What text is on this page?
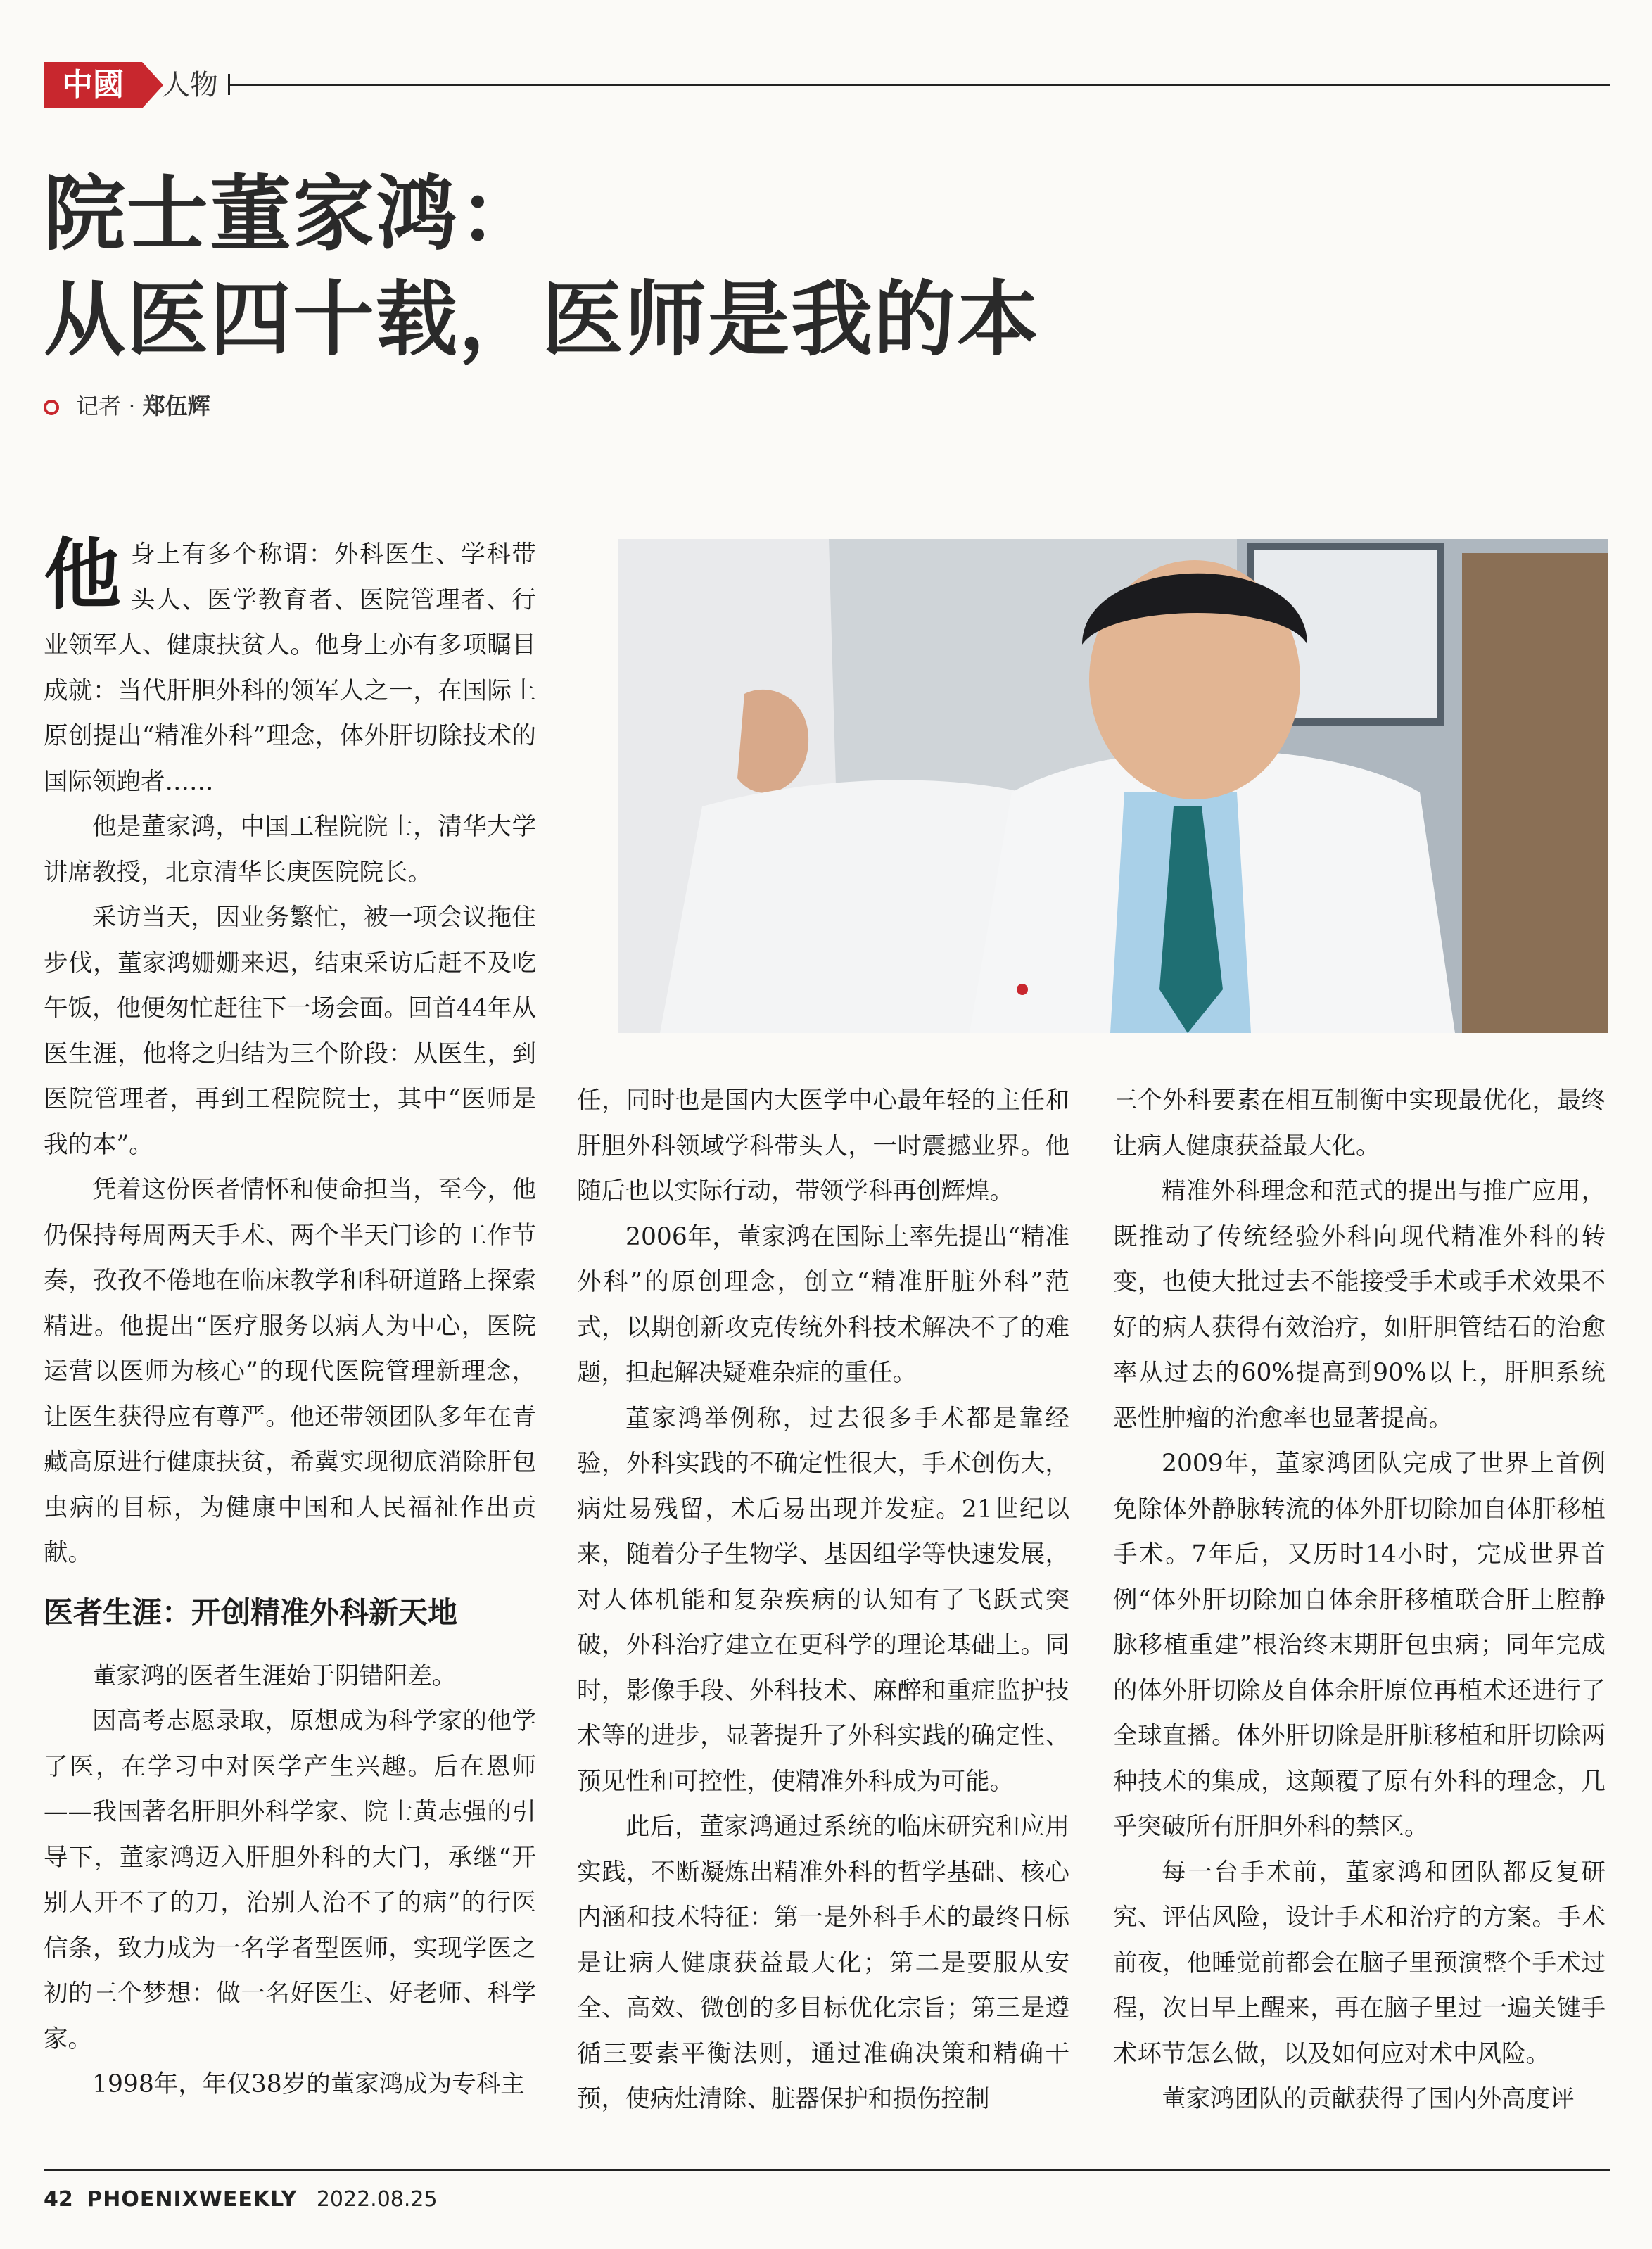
中國	人物
院士董家鸿：
从医四十载，医师是我的本
记者 · 郑伍辉
他 身上有多个称谓：外科医生、学科带头人、医学教育者、医院管理者、行业领军人、健康扶贫人。他身上亦有多项瞩目成就：当代肝胆外科的领军人之一，在国际上原创提出“精准外科”理念，体外肝切除技术的国际领跑者……

他是董家鸿，中国工程院院士，清华大学讲席教授，北京清华长庚医院院长。

采访当天，因业务繁忙，被一项会议拖住步伐，董家鸿姗姗来迟，结束采访后赶不及吃午饭，他便匆忙赶往下一场会面。回首44年从医生涯，他将之归结为三个阶段：从医生，到医院管理者，再到工程院院士，其中“医师是我的本”。

凭着这份医者情怀和使命担当，至今，他仍保持每周两天手术、两个半天门诊的工作节奏，孜孜不倦地在临床教学和科研道路上探索精进。他提出“医疗服务以病人为中心，医院运营以医师为核心”的现代医院管理新理念，让医生获得应有尊严。他还带领团队多年在青藏高原进行健康扶贫，希冀实现彻底消除肝包虫病的目标，为健康中国和人民福祉作出贡献。

医者生涯：开创精准外科新天地

董家鸿的医者生涯始于阴错阳差。

因高考志愿录取，原想成为科学家的他学了医，在学习中对医学产生兴趣。后在恩师——我国著名肝胆外科学家、院士黄志强的引导下，董家鸿迈入肝胆外科的大门，承继“开别人开不了的刀，治别人治不了的病”的行医信条，致力成为一名学者型医师，实现学医之初的三个梦想：做一名好医生、好老师、科学家。

1998年，年仅38岁的董家鸿成为专科主

任，同时也是国内大医学中心最年轻的主任和肝胆外科领域学科带头人，一时震撼业界。他随后也以实际行动，带领学科再创辉煌。

2006年，董家鸿在国际上率先提出“精准外科”的原创理念，创立“精准肝脏外科”范式，以期创新攻克传统外科技术解决不了的难题，担起解决疑难杂症的重任。

董家鸿举例称，过去很多手术都是靠经验，外科实践的不确定性很大，手术创伤大，病灶易残留，术后易出现并发症。21世纪以来，随着分子生物学、基因组学等快速发展，对人体机能和复杂疾病的认知有了飞跃式突破，外科治疗建立在更科学的理论基础上。同时，影像手段、外科技术、麻醉和重症监护技术等的进步，显著提升了外科实践的确定性、预见性和可控性，使精准外科成为可能。

此后，董家鸿通过系统的临床研究和应用实践，不断凝炼出精准外科的哲学基础、核心内涵和技术特征：第一是外科手术的最终目标是让病人健康获益最大化；第二是要服从安全、高效、微创的多目标优化宗旨；第三是遵循三要素平衡法则，通过准确决策和精确干预，使病灶清除、脏器保护和损伤控制

三个外科要素在相互制衡中实现最优化，最终让病人健康获益最大化。

精准外科理念和范式的提出与推广应用，既推动了传统经验外科向现代精准外科的转变，也使大批过去不能接受手术或手术效果不好的病人获得有效治疗，如肝胆管结石的治愈率从过去的60%提高到90%以上，肝胆系统恶性肿瘤的治愈率也显著提高。

2009年，董家鸿团队完成了世界上首例免除体外静脉转流的体外肝切除加自体肝移植手术。7年后，又历时14小时，完成世界首例“体外肝切除加自体余肝移植联合肝上腔静脉移植重建”根治终末期肝包虫病；同年完成的体外肝切除及自体余肝原位再植术还进行了全球直播。体外肝切除是肝脏移植和肝切除两种技术的集成，这颠覆了原有外科的理念，几乎突破所有肝胆外科的禁区。

每一台手术前，董家鸿和团队都反复研究、评估风险，设计手术和治疗的方案。手术前夜，他睡觉前都会在脑子里预演整个手术过程，次日早上醒来，再在脑子里过一遍关键手术环节怎么做，以及如何应对术中风险。

董家鸿团队的贡献获得了国内外高度评

42 PHOENIXWEEKLY 2022.08.25
